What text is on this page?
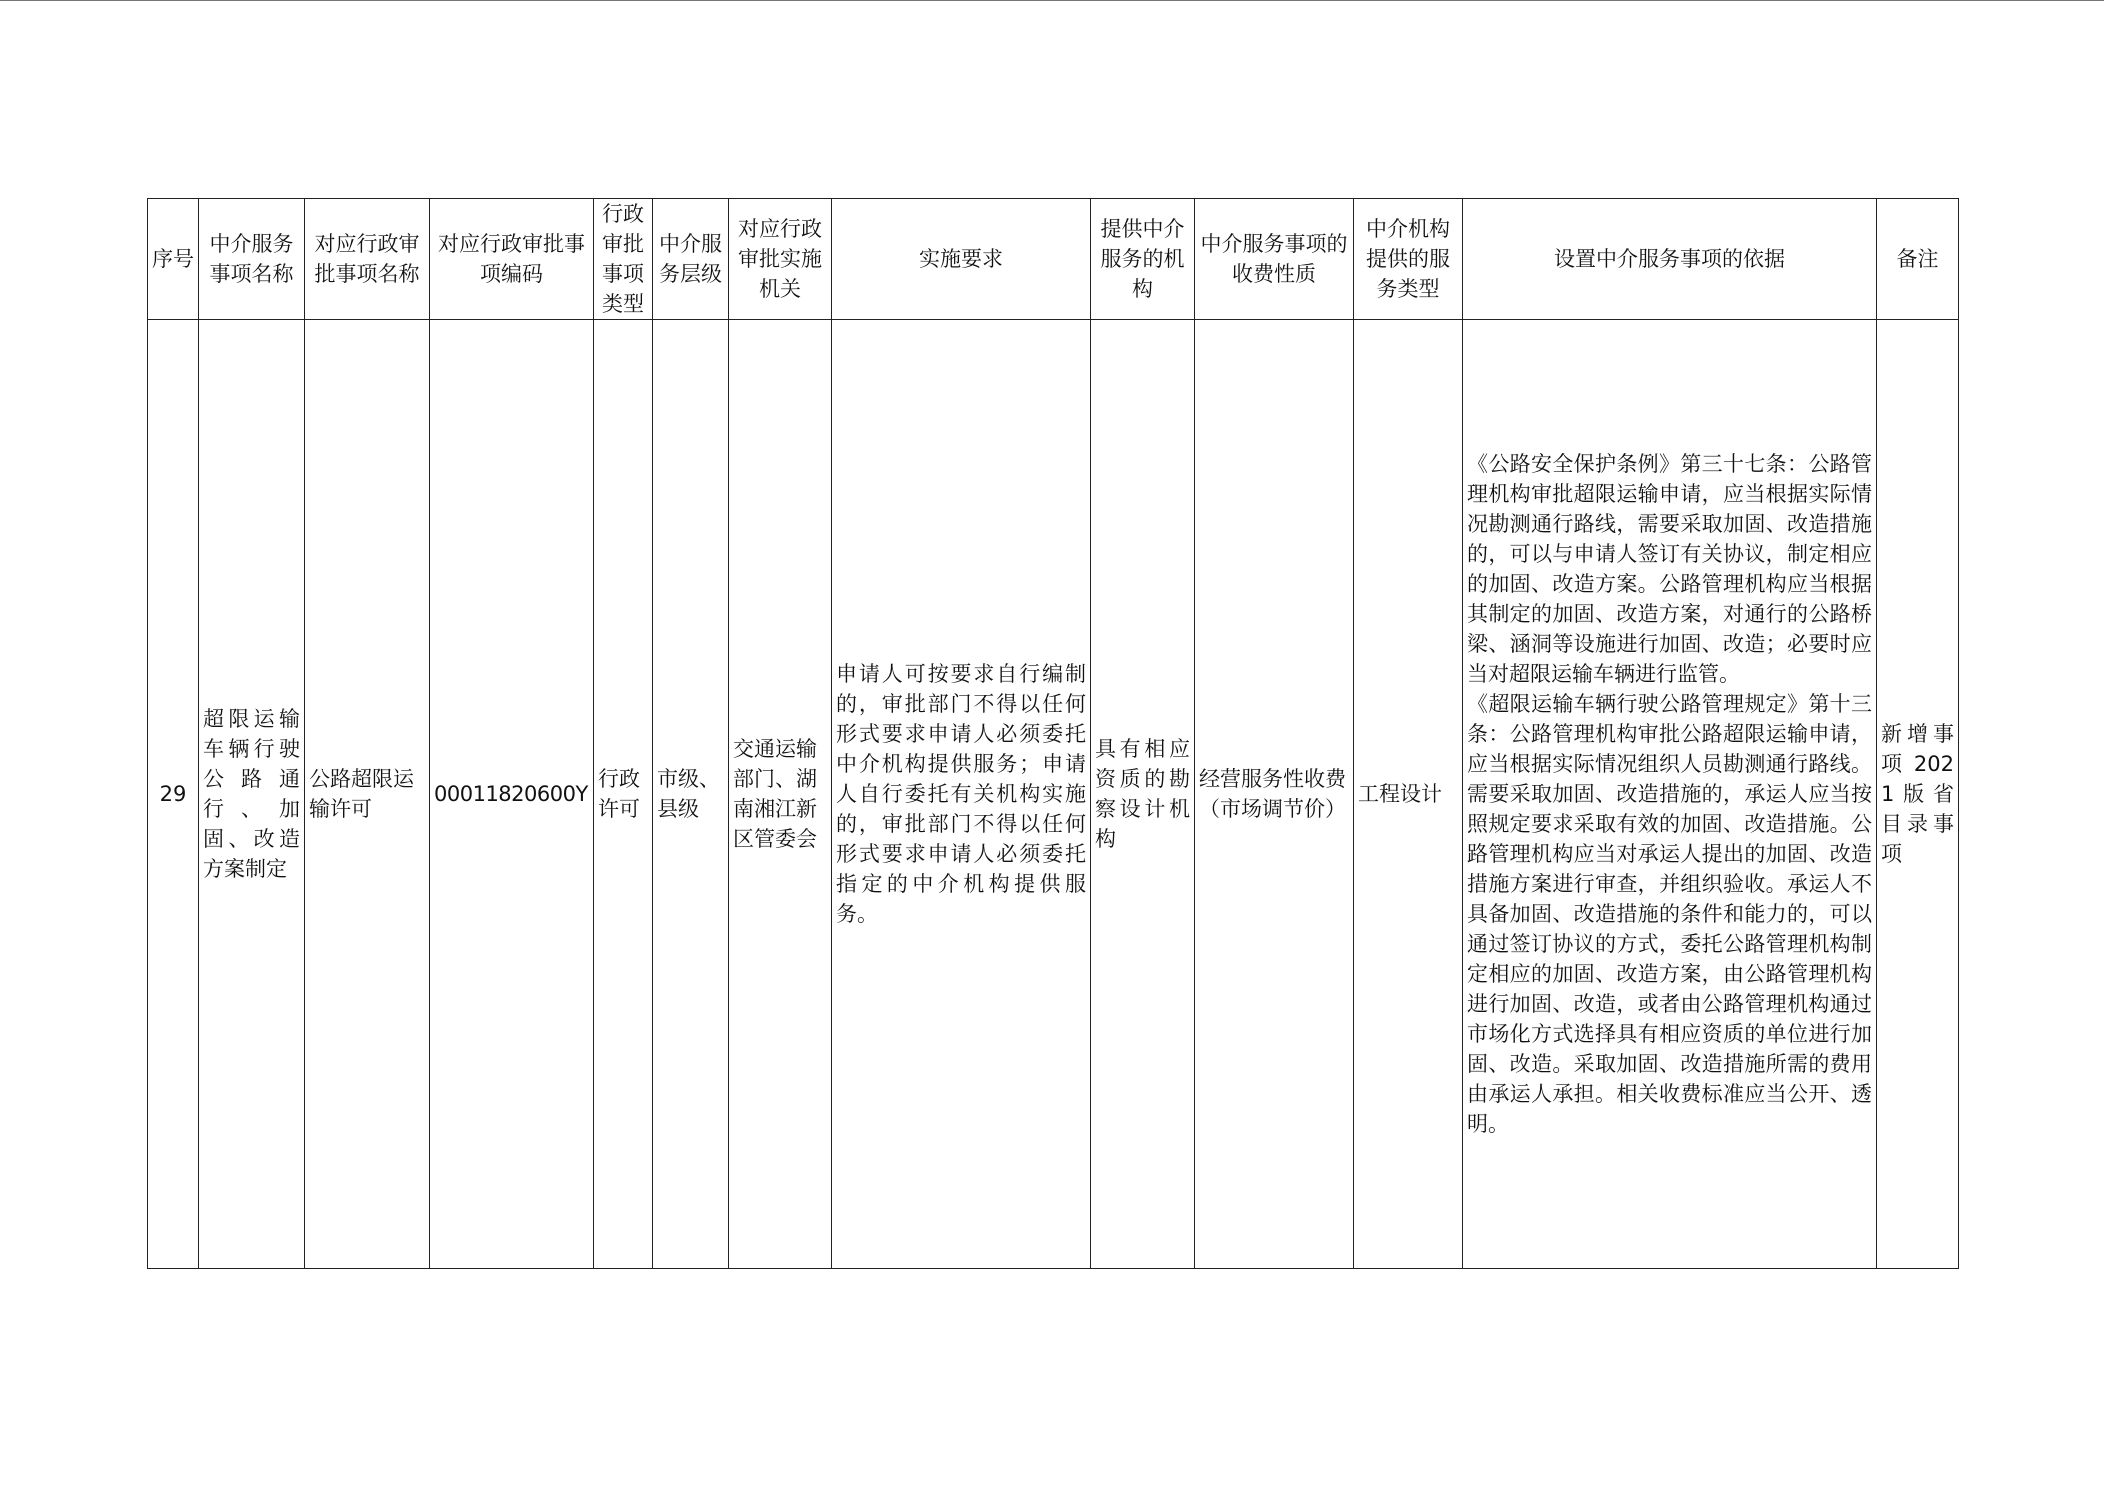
序号	中介服务事项名称	对应行政审批事项名称	对应行政审批事项编码	行政审批事项类型	中介服务层级	对应行政审批实施机关	实施要求	提供中介服务的机构	中介服务事项的收费性质	中介机构提供的服务类型	设置中介服务事项的依据	备注
29	超限运输车辆行驶公路通行、加固、改造方案制定	公路超限运输许可	00011820600Y	行政许可	市级、县级	交通运输部门、湖南湘江新区管委会	申请人可按要求自行编制的，审批部门不得以任何形式要求申请人必须委托中介机构提供服务；申请人自行委托有关机构实施的，审批部门不得以任何形式要求申请人必须委托指定的中介机构提供服务。	具有相应资质的勘察设计机构	经营服务性收费（市场调节价）	工程设计	《公路安全保护条例》第三十七条：公路管理机构审批超限运输申请，应当根据实际情况勘测通行路线，需要采取加固、改造措施的，可以与申请人签订有关协议，制定相应的加固、改造方案。公路管理机构应当根据其制定的加固、改造方案，对通行的公路桥梁、涵洞等设施进行加固、改造；必要时应当对超限运输车辆进行监管。
《超限运输车辆行驶公路管理规定》第十三条：公路管理机构审批公路超限运输申请，应当根据实际情况组织人员勘测通行路线。需要采取加固、改造措施的，承运人应当按照规定要求采取有效的加固、改造措施。公路管理机构应当对承运人提出的加固、改造措施方案进行审查，并组织验收。承运人不具备加固、改造措施的条件和能力的，可以通过签订协议的方式，委托公路管理机构制定相应的加固、改造方案，由公路管理机构进行加固、改造，或者由公路管理机构通过市场化方式选择具有相应资质的单位进行加固、改造。采取加固、改造措施所需的费用由承运人承担。相关收费标准应当公开、透明。	新增事项2021版省目录事项
